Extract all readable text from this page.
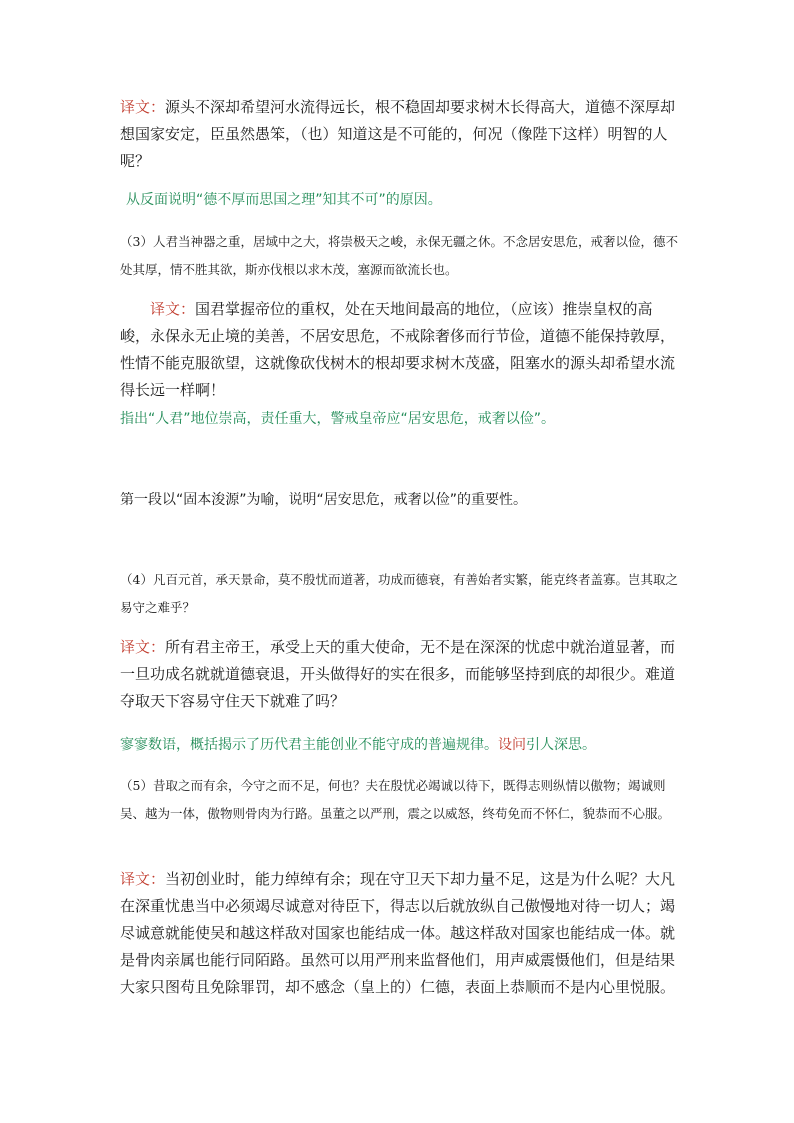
译文：源头不深却希望河水流得远长，根不稳固却要求树木长得高大，道德不深厚却想国家安定，臣虽然愚笨，（也）知道这是不可能的，何况（像陛下这样）明智的人呢？

从反面说明“德不厚而思国之理”知其不可”的原因。

（3）人君当神器之重，居域中之大，将崇极天之峻，永保无疆之休。不念居安思危，戒奢以俭，德不处其厚，情不胜其欲，斯亦伐根以求木茂，塞源而欲流长也。

译文：国君掌握帝位的重权，处在天地间最高的地位，（应该）推崇皇权的高峻，永保永无止境的美善，不居安思危，不戒除奢侈而行节俭，道德不能保持敦厚，性情不能克服欲望，这就像砍伐树木的根却要求树木茂盛，阻塞水的源头却希望水流得长远一样啊！

指出“人君”地位崇高，责任重大，警戒皇帝应“居安思危，戒奢以俭”。

第一段以“固本浚源”为喻，说明“居安思危，戒奢以俭”的重要性。

（4）凡百元首，承天景命，莫不殷忧而道著，功成而德衰，有善始者实繁，能克终者盖寡。岂其取之易守之难乎？

译文：所有君主帝王，承受上天的重大使命，无不是在深深的忧虑中就治道显著，而一旦功成名就就道德衰退，开头做得好的实在很多，而能够坚持到底的却很少。难道夺取天下容易守住天下就难了吗？

寥寥数语，概括揭示了历代君主能创业不能守成的普遍规律。设问引人深思。

（5）昔取之而有余，今守之而不足，何也？夫在殷忧必竭诚以待下，既得志则纵情以傲物；竭诚则吴、越为一体，傲物则骨肉为行路。虽董之以严刑，震之以威怒，终苟免而不怀仁，貌恭而不心服。

译文：当初创业时，能力绰绰有余；现在守卫天下却力量不足，这是为什么呢？大凡在深重忧患当中必须竭尽诚意对待臣下，得志以后就放纵自己傲慢地对待一切人；竭尽诚意就能使吴和越这样敌对国家也能结成一体。越这样敌对国家也能结成一体。就是骨肉亲属也能行同陌路。虽然可以用严刑来监督他们，用声威震慑他们，但是结果大家只图苟且免除罪罚，却不感念（皇上的）仁德，表面上恭顺而不是内心里悦服。
